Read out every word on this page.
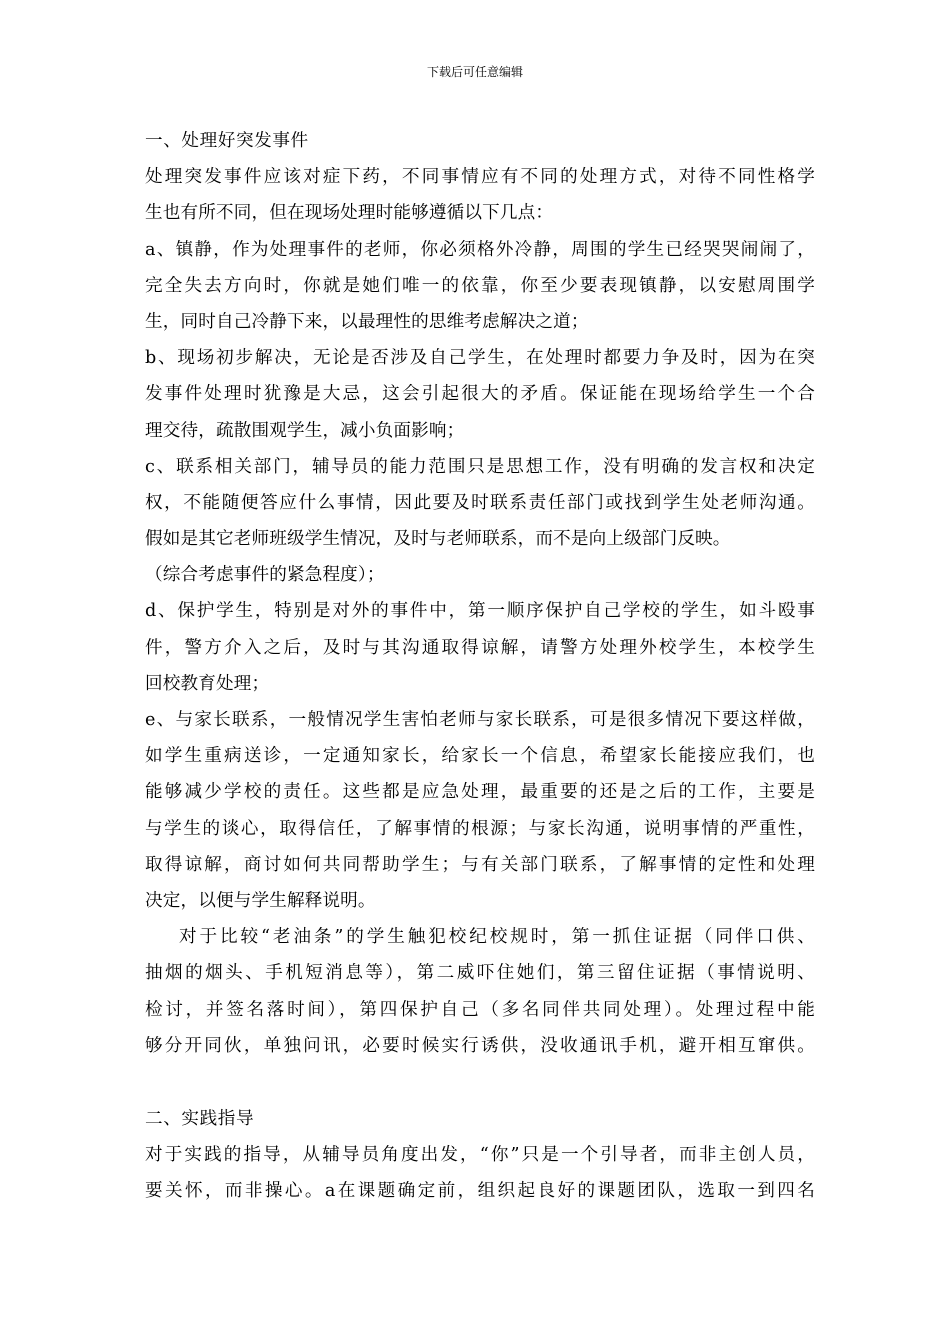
下载后可任意编辑
一、处理好突发事件
处理突发事件应该对症下药，不同事情应有不同的处理方式，对待不同性格学
生也有所不同，但在现场处理时能够遵循以下几点：
a、镇静，作为处理事件的老师，你必须格外冷静，周围的学生已经哭哭闹闹了，
完全失去方向时，你就是她们唯一的依靠，你至少要表现镇静，以安慰周围学
生，同时自己冷静下来，以最理性的思维考虑解决之道；
b、现场初步解决，无论是否涉及自己学生，在处理时都要力争及时，因为在突
发事件处理时犹豫是大忌，这会引起很大的矛盾。保证能在现场给学生一个合
理交待，疏散围观学生，减小负面影响；
c、联系相关部门，辅导员的能力范围只是思想工作，没有明确的发言权和决定
权，不能随便答应什么事情，因此要及时联系责任部门或找到学生处老师沟通。
假如是其它老师班级学生情况，及时与老师联系，而不是向上级部门反映。
（综合考虑事件的紧急程度）；
d、保护学生，特别是对外的事件中，第一顺序保护自己学校的学生，如斗殴事
件，警方介入之后，及时与其沟通取得谅解，请警方处理外校学生，本校学生
回校教育处理；
e、与家长联系，一般情况学生害怕老师与家长联系，可是很多情况下要这样做，
如学生重病送诊，一定通知家长，给家长一个信息，希望家长能接应我们，也
能够减少学校的责任。这些都是应急处理，最重要的还是之后的工作，主要是
与学生的谈心，取得信任，了解事情的根源；与家长沟通，说明事情的严重性，
取得谅解，商讨如何共同帮助学生；与有关部门联系，了解事情的定性和处理
决定，以便与学生解释说明。
对于比较“老油条”的学生触犯校纪校规时，第一抓住证据（同伴口供、
抽烟的烟头、手机短消息等），第二威吓住她们，第三留住证据（事情说明、
检讨，并签名落时间），第四保护自己（多名同伴共同处理）。处理过程中能
够分开同伙，单独问讯，必要时候实行诱供，没收通讯手机，避开相互窜供。
二、实践指导
对于实践的指导，从辅导员角度出发，“你”只是一个引导者，而非主创人员，
要关怀，而非操心。a在课题确定前，组织起良好的课题团队，选取一到四名
